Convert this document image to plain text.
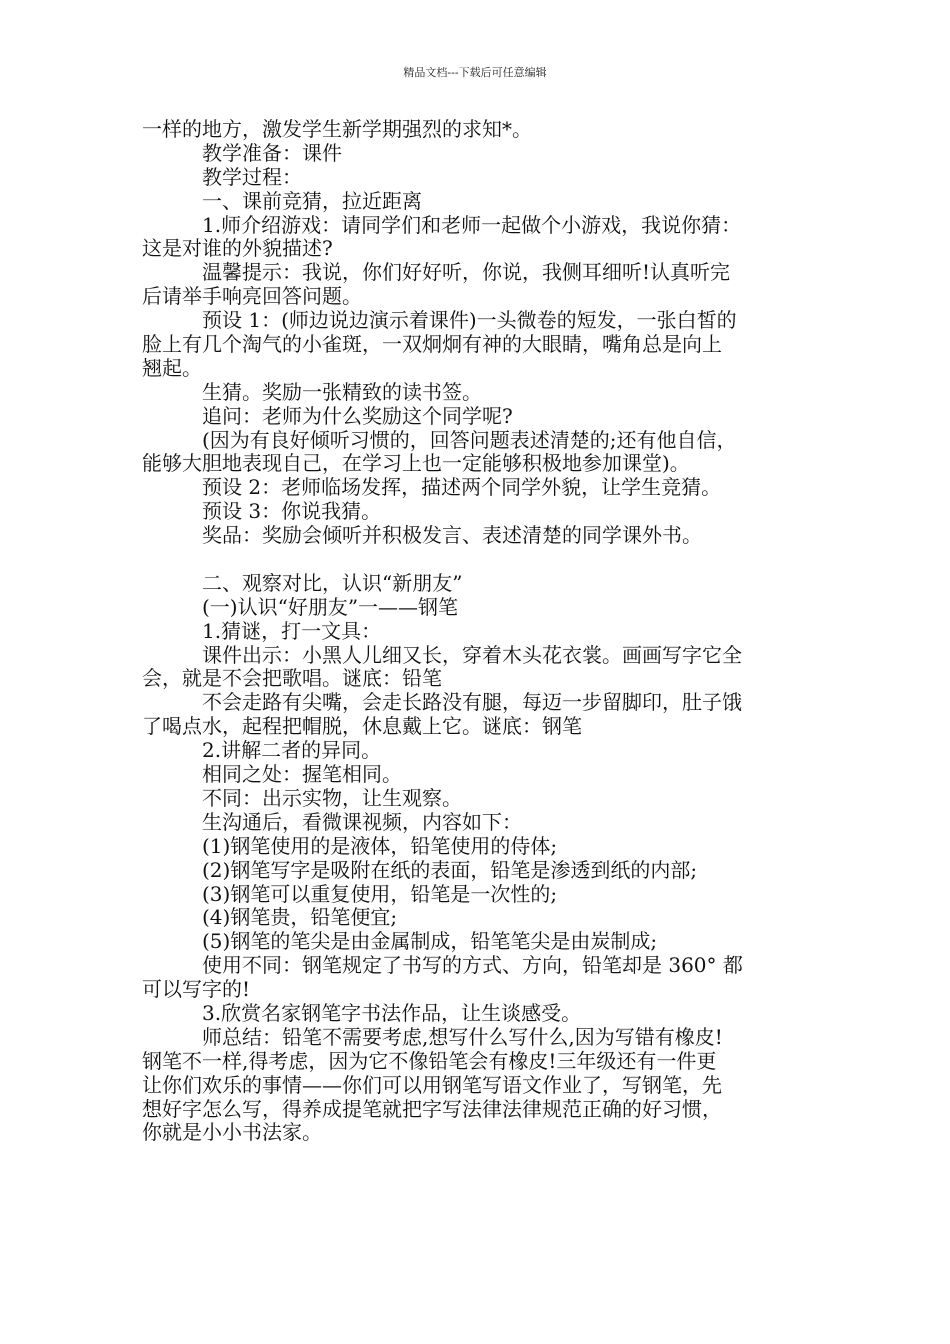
精品文档---下载后可任意编辑
一样的地方，激发学生新学期强烈的求知*。
教学准备：课件
教学过程：
一、课前竞猜，拉近距离
1.师介绍游戏：请同学们和老师一起做个小游戏，我说你猜：
这是对谁的外貌描述?
温馨提示：我说，你们好好听，你说，我侧耳细听!认真听完
后请举手响亮回答问题。
预设 1：(师边说边演示着课件)一头微卷的短发，一张白皙的
脸上有几个淘气的小雀斑，一双炯炯有神的大眼睛，嘴角总是向上
翘起。
生猜。奖励一张精致的读书签。
追问：老师为什么奖励这个同学呢?
(因为有良好倾听习惯的，回答问题表述清楚的;还有他自信，
能够大胆地表现自己，在学习上也一定能够积极地参加课堂)。
预设 2：老师临场发挥，描述两个同学外貌，让学生竞猜。
预设 3：你说我猜。
奖品：奖励会倾听并积极发言、表述清楚的同学课外书。
二、观察对比，认识“新朋友”
(一)认识“好朋友”一——钢笔
1.猜谜，打一文具：
课件出示：小黑人儿细又长，穿着木头花衣裳。画画写字它全
会，就是不会把歌唱。谜底：铅笔
不会走路有尖嘴，会走长路没有腿，每迈一步留脚印，肚子饿
了喝点水，起程把帽脱，休息戴上它。谜底：钢笔
2.讲解二者的异同。
相同之处：握笔相同。
不同：出示实物，让生观察。
生沟通后，看微课视频，内容如下：
(1)钢笔使用的是液体，铅笔使用的侍体;
(2)钢笔写字是吸附在纸的表面，铅笔是渗透到纸的内部;
(3)钢笔可以重复使用，铅笔是一次性的;
(4)钢笔贵，铅笔便宜;
(5)钢笔的笔尖是由金属制成，铅笔笔尖是由炭制成;
使用不同：钢笔规定了书写的方式、方向，铅笔却是 360° 都
可以写字的!
3.欣赏名家钢笔字书法作品，让生谈感受。
师总结：铅笔不需要考虑,想写什么写什么,因为写错有橡皮!
钢笔不一样,得考虑，因为它不像铅笔会有橡皮!三年级还有一件更
让你们欢乐的事情——你们可以用钢笔写语文作业了，写钢笔，先
想好字怎么写，得养成提笔就把字写法律法律规范正确的好习惯，
你就是小小书法家。
